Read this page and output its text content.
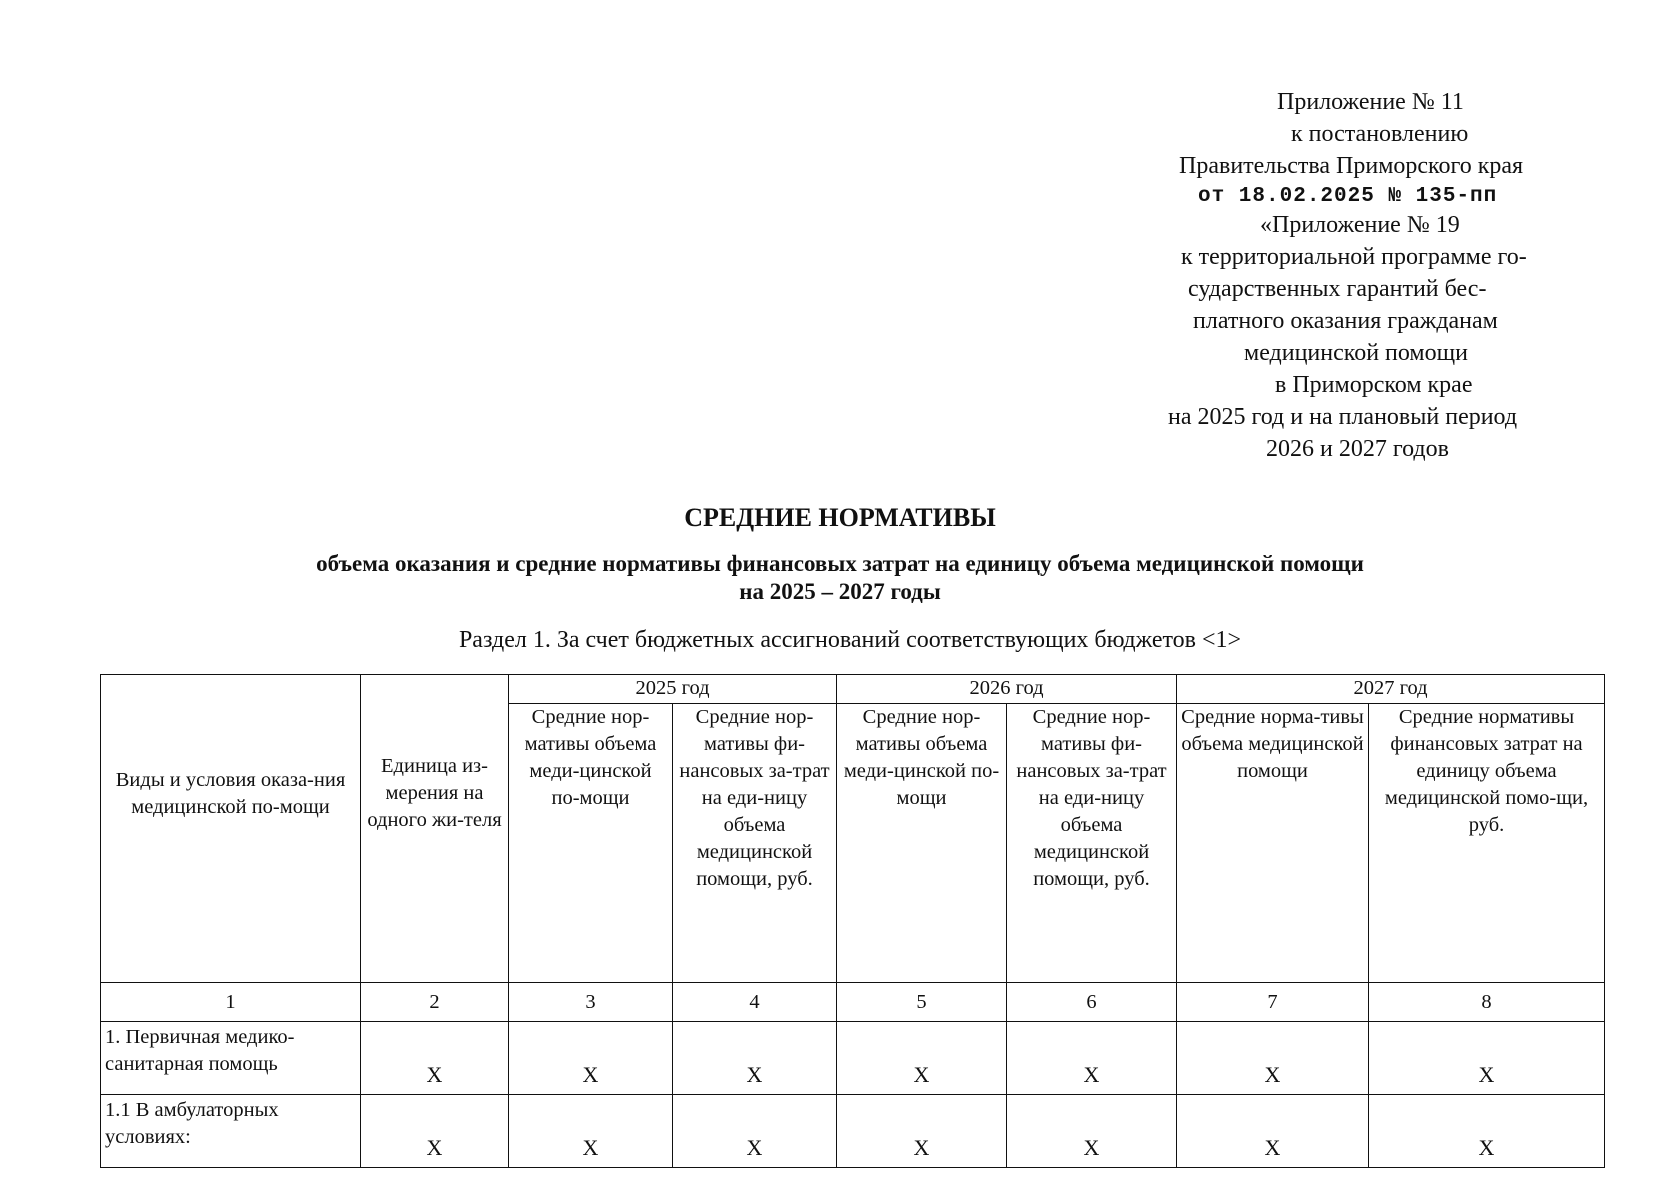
Приложение № 11
к постановлению
Правительства Приморского края
от 18.02.2025 № 135-пп
«Приложение № 19
к территориальной программе го-
сударственных гарантий бес-
платного оказания гражданам
медицинской помощи
в Приморском крае
на 2025 год и на плановый период
2026 и 2027 годов
СРЕДНИЕ НОРМАТИВЫ
объема оказания и средние нормативы финансовых затрат на единицу объема медицинской помощи
на 2025 – 2027 годы
Раздел 1. За счет бюджетных ассигнований соответствующих бюджетов <1>
Виды и условия оказа-ния медицинской по-мощи	Единица из-мерения на одного жи-теля	2025 год		2026 год		2027 год	
		Средние нор-мативы объема меди-цинской по-мощи	Средние нор-мативы фи-нансовых за-трат на еди-ницу объема медицинской помощи, руб.	Средние нор-мативы объема меди-цинской по-мощи	Средние нор-мативы фи-нансовых за-трат на еди-ницу объема медицинской помощи, руб.	Средние норма-тивы объема медицинской помощи	Средние нормативы финансовых затрат на единицу объема медицинской помо-щи, руб.
1	2	3	4	5	6	7	8
1. Первичная медико-санитарная помощь	X	X	X	X	X	X	X
1.1 В амбулаторных условиях:	X	X	X	X	X	X	X
